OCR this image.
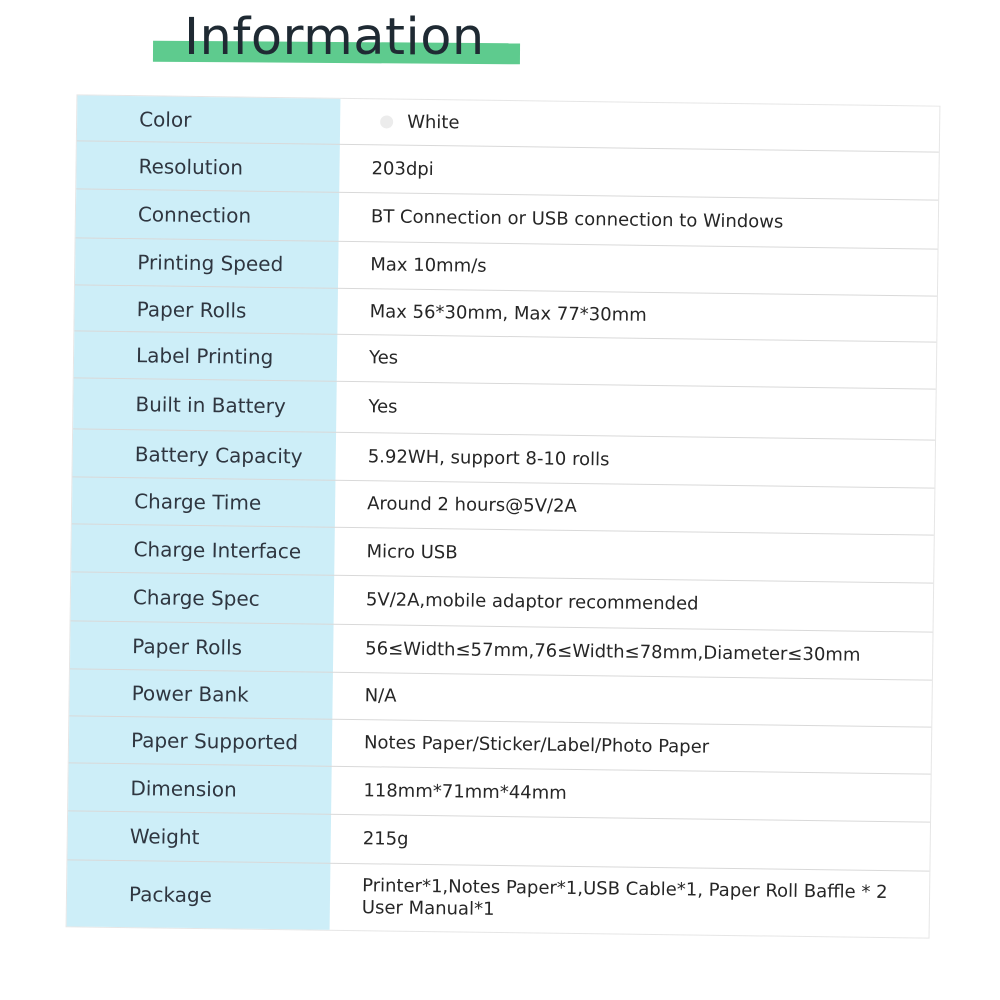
Information
Color	White
Resolution	203dpi
Connection	BT Connection or USB connection to Windows
Printing Speed	Max 10mm/s
Paper Rolls	Max 56*30mm, Max 77*30mm
Label Printing	Yes
Built in Battery	Yes
Battery Capacity	5.92WH, support 8-10 rolls
Charge Time	Around 2 hours@5V/2A
Charge Interface	Micro USB
Charge Spec	5V/2A,mobile adaptor recommended
Paper Rolls	56≤Width≤57mm,76≤Width≤78mm,Diameter≤30mm
Power Bank	N/A
Paper Supported	Notes Paper/Sticker/Label/Photo Paper
Dimension	118mm*71mm*44mm
Weight	215g
Package	Printer*1,Notes Paper*1,USB Cable*1, Paper Roll Baffle * 2
User Manual*1
